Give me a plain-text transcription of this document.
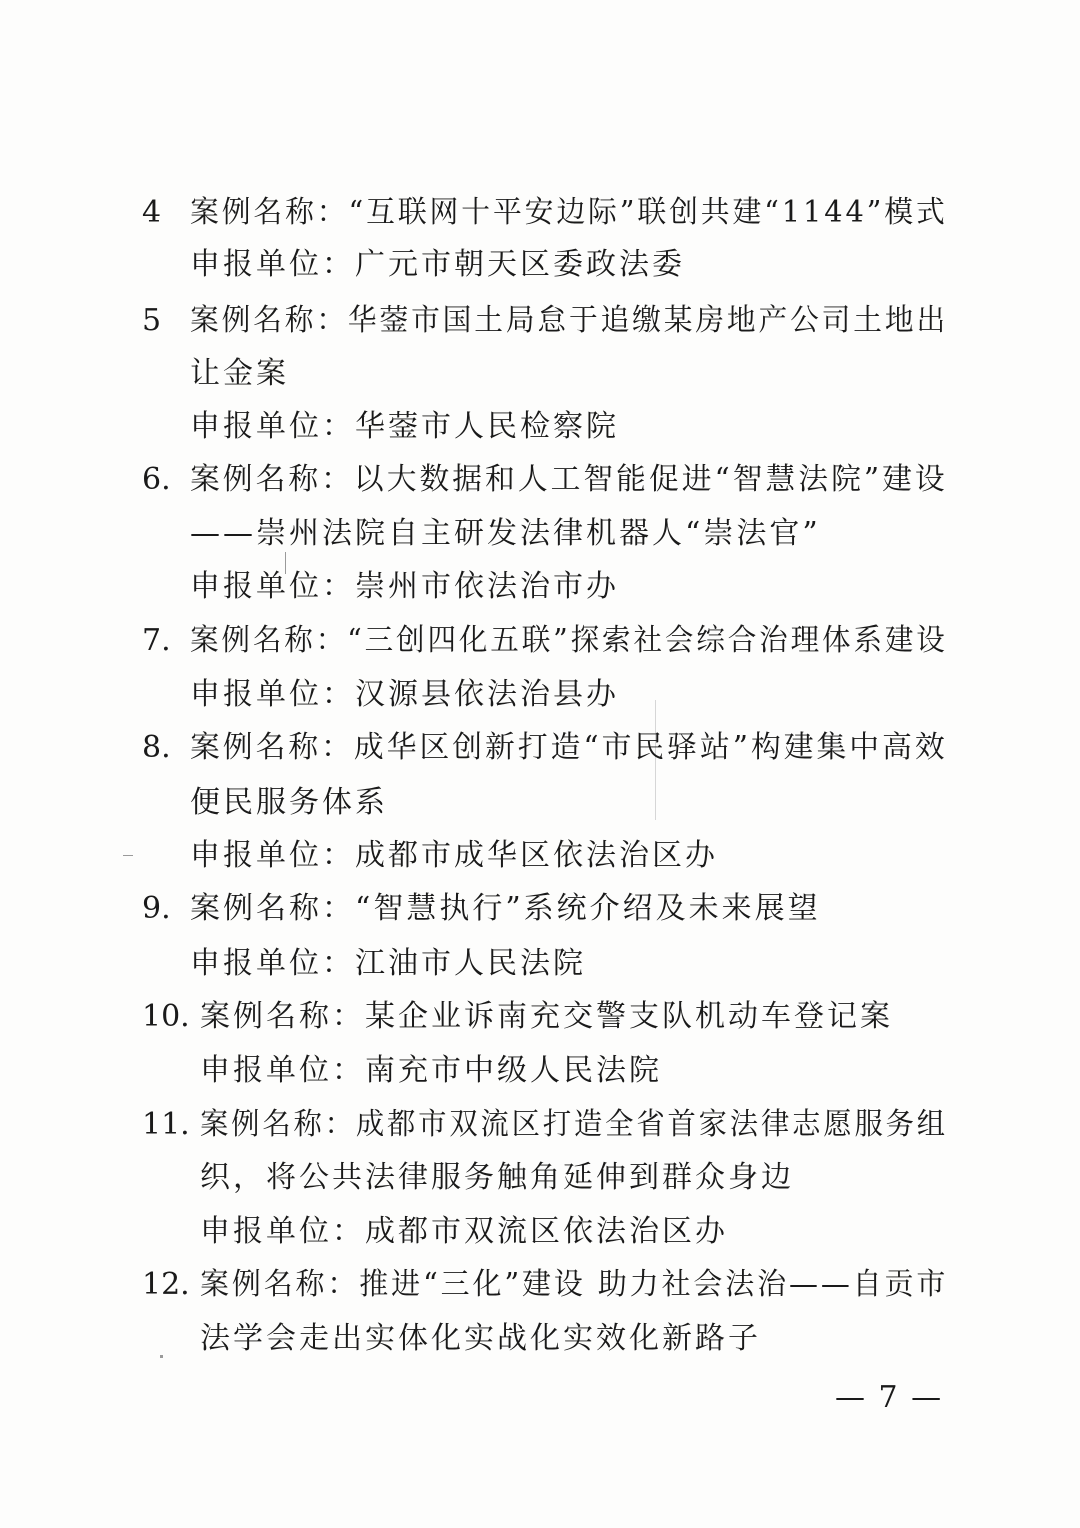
4 案例名称：“互联网十平安边际”联创共建“1144”模式
申报单位：广元市朝天区委政法委
5 案例名称：华蓥市国土局怠于追缴某房地产公司土地出
让金案
申报单位：华蓥市人民检察院
6. 案例名称：以大数据和人工智能促进“智慧法院”建设
——崇州法院自主研发法律机器人“崇法官”
申报单位：崇州市依法治市办
7. 案例名称：“三创四化五联”探索社会综合治理体系建设
申报单位：汉源县依法治县办
8. 案例名称：成华区创新打造“市民驿站”构建集中高效
便民服务体系
申报单位：成都市成华区依法治区办
9. 案例名称：“智慧执行”系统介绍及未来展望
申报单位：江油市人民法院
10. 案例名称：某企业诉南充交警支队机动车登记案
申报单位：南充市中级人民法院
11. 案例名称：成都市双流区打造全省首家法律志愿服务组
织，将公共法律服务触角延伸到群众身边
申报单位：成都市双流区依法治区办
12. 案例名称：推进“三化”建设 助力社会法治——自贡市
法学会走出实体化实战化实效化新路子
— 7 —
